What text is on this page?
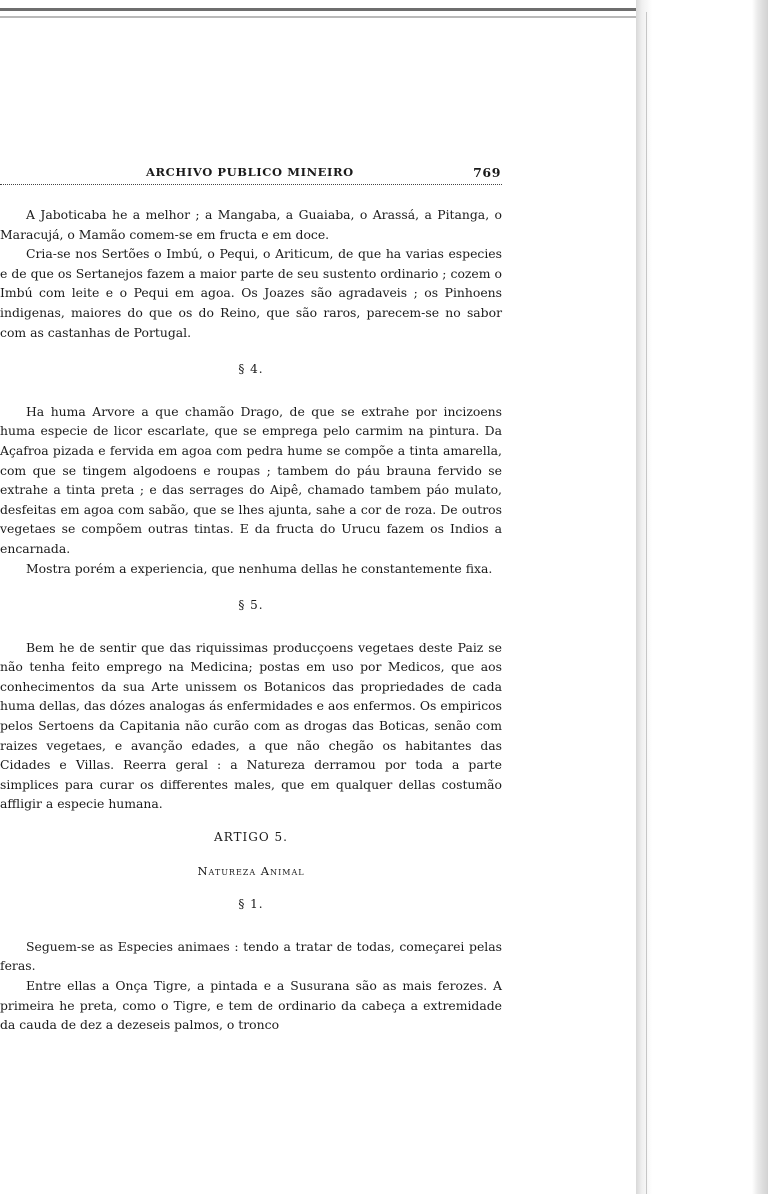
ARCHIVO PUBLICO MINEIRO	769

A Jaboticaba he a melhor ; a Mangaba, a Guaiaba, o Arassá, a Pitanga, o Maracujá, o Mamão comem-se em fructa e em doce.

Cria-se nos Sertões o Imbú, o Pequi, o Ariticum, de que ha varias especies e de que os Sertanejos fazem a maior parte de seu sustento ordinario ; cozem o Imbú com leite e o Pequi em agoa. Os Joazes são agradaveis ; os Pinhoens indigenas, maiores do que os do Reino, que são raros, parecem-se no sabor com as castanhas de Portugal.

§ 4.

Ha huma Arvore a que chamão Drago, de que se extrahe por incizoens huma especie de licor escarlate, que se emprega pelo carmim na pintura. Da Açafroa pizada e fervida em agoa com pedra hume se compõe a tinta amarella, com que se tingem algodoens e roupas ; tambem do páu brauna fervido se extrahe a tinta preta ; e das serrages do Aipê, chamado tambem páo mulato, desfeitas em agoa com sabão, que se lhes ajunta, sahe a cor de roza. De outros vegetaes se compõem outras tintas. E da fructa do Urucu fazem os Indios a encarnada.

Mostra porém a experiencia, que nenhuma dellas he constantemente fixa.

§ 5.

Bem he de sentir que das riquissimas producçoens vegetaes deste Paiz se não tenha feito emprego na Medicina; postas em uso por Medicos, que aos conhecimentos da sua Arte unissem os Botanicos das propriedades de cada huma dellas, das dózes analogas ás enfermidades e aos enfermos. Os empiricos pelos Sertoens da Capitania não curão com as drogas das Boticas, senão com raizes vegetaes, e avanção edades, a que não chegão os habitantes das Cidades e Villas. Reerra geral : a Natureza derramou por toda a parte simplices para curar os differentes males, que em qualquer dellas costumão affligir a especie humana.

ARTIGO 5.

Natureza Animal

§ 1.

Seguem-se as Especies animaes : tendo a tratar de todas, começarei pelas feras.

Entre ellas a Onça Tigre, a pintada e a Susurana são as mais ferozes. A primeira he preta, como o Tigre, e tem de ordinario da cabeça a extremidade da cauda de dez a dezeseis palmos, o tronco
